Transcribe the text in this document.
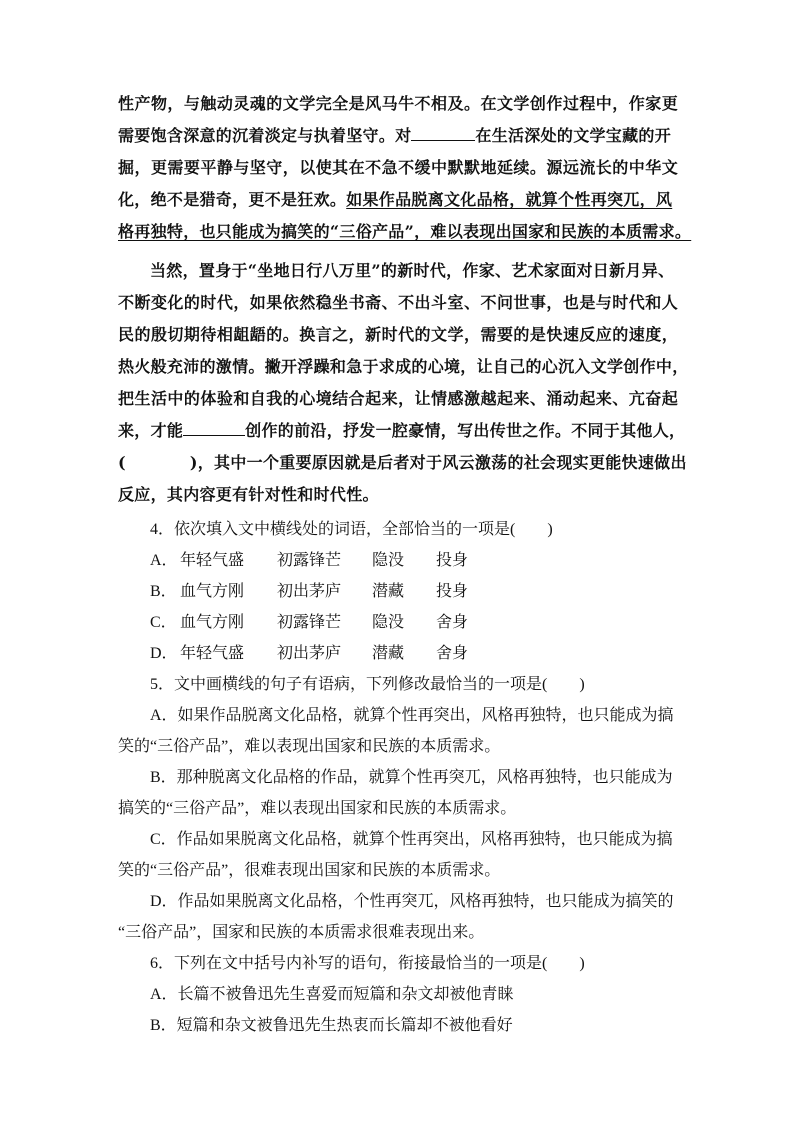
性产物，与触动灵魂的文学完全是风马牛不相及。在文学创作过程中，作家更
需要饱含深意的沉着淡定与执着坚守。对	在生活深处的文学宝藏的开
掘，更需要平静与坚守，以使其在不急不缓中默默地延续。源远流长的中华文
化，绝不是猎奇，更不是狂欢。如果作品脱离文化品格，就算个性再突兀，风
格再独特，也只能成为搞笑的“三俗产品”，难以表现出国家和民族的本质需求。
当然，置身于“坐地日行八万里”的新时代，作家、艺术家面对日新月异、
不断变化的时代，如果依然稳坐书斋、不出斗室、不问世事，也是与时代和人
民的殷切期待相龃龉的。换言之，新时代的文学，需要的是快速反应的速度，
热火般充沛的激情。撇开浮躁和急于求成的心境，让自己的心沉入文学创作中，
把生活中的体验和自我的心境结合起来，让情感激越起来、涌动起来、亢奋起
来，才能	创作的前沿，抒发一腔豪情，写出传世之作。不同于其他人，
(	)，其中一个重要原因就是后者对于风云激荡的社会现实更能快速做出
反应，其内容更有针对性和时代性。
4．依次填入文中横线处的词语，全部恰当的一项是(　　)
A． 年轻气盛 初露锋芒 隐没 投身
B． 血气方刚 初出茅庐 潜藏 投身
C． 血气方刚 初露锋芒 隐没 舍身
D． 年轻气盛 初出茅庐 潜藏 舍身
5．文中画横线的句子有语病，下列修改最恰当的一项是(　　)
A．如果作品脱离文化品格，就算个性再突出，风格再独特，也只能成为搞
笑的“三俗产品”，难以表现出国家和民族的本质需求。
B．那种脱离文化品格的作品，就算个性再突兀，风格再独特，也只能成为
搞笑的“三俗产品”，难以表现出国家和民族的本质需求。
C．作品如果脱离文化品格，就算个性再突出，风格再独特，也只能成为搞
笑的“三俗产品”，很难表现出国家和民族的本质需求。
D．作品如果脱离文化品格，个性再突兀，风格再独特，也只能成为搞笑的
“三俗产品”，国家和民族的本质需求很难表现出来。
6．下列在文中括号内补写的语句，衔接最恰当的一项是(　　)
A．长篇不被鲁迅先生喜爱而短篇和杂文却被他青睐
B．短篇和杂文被鲁迅先生热衷而长篇却不被他看好
